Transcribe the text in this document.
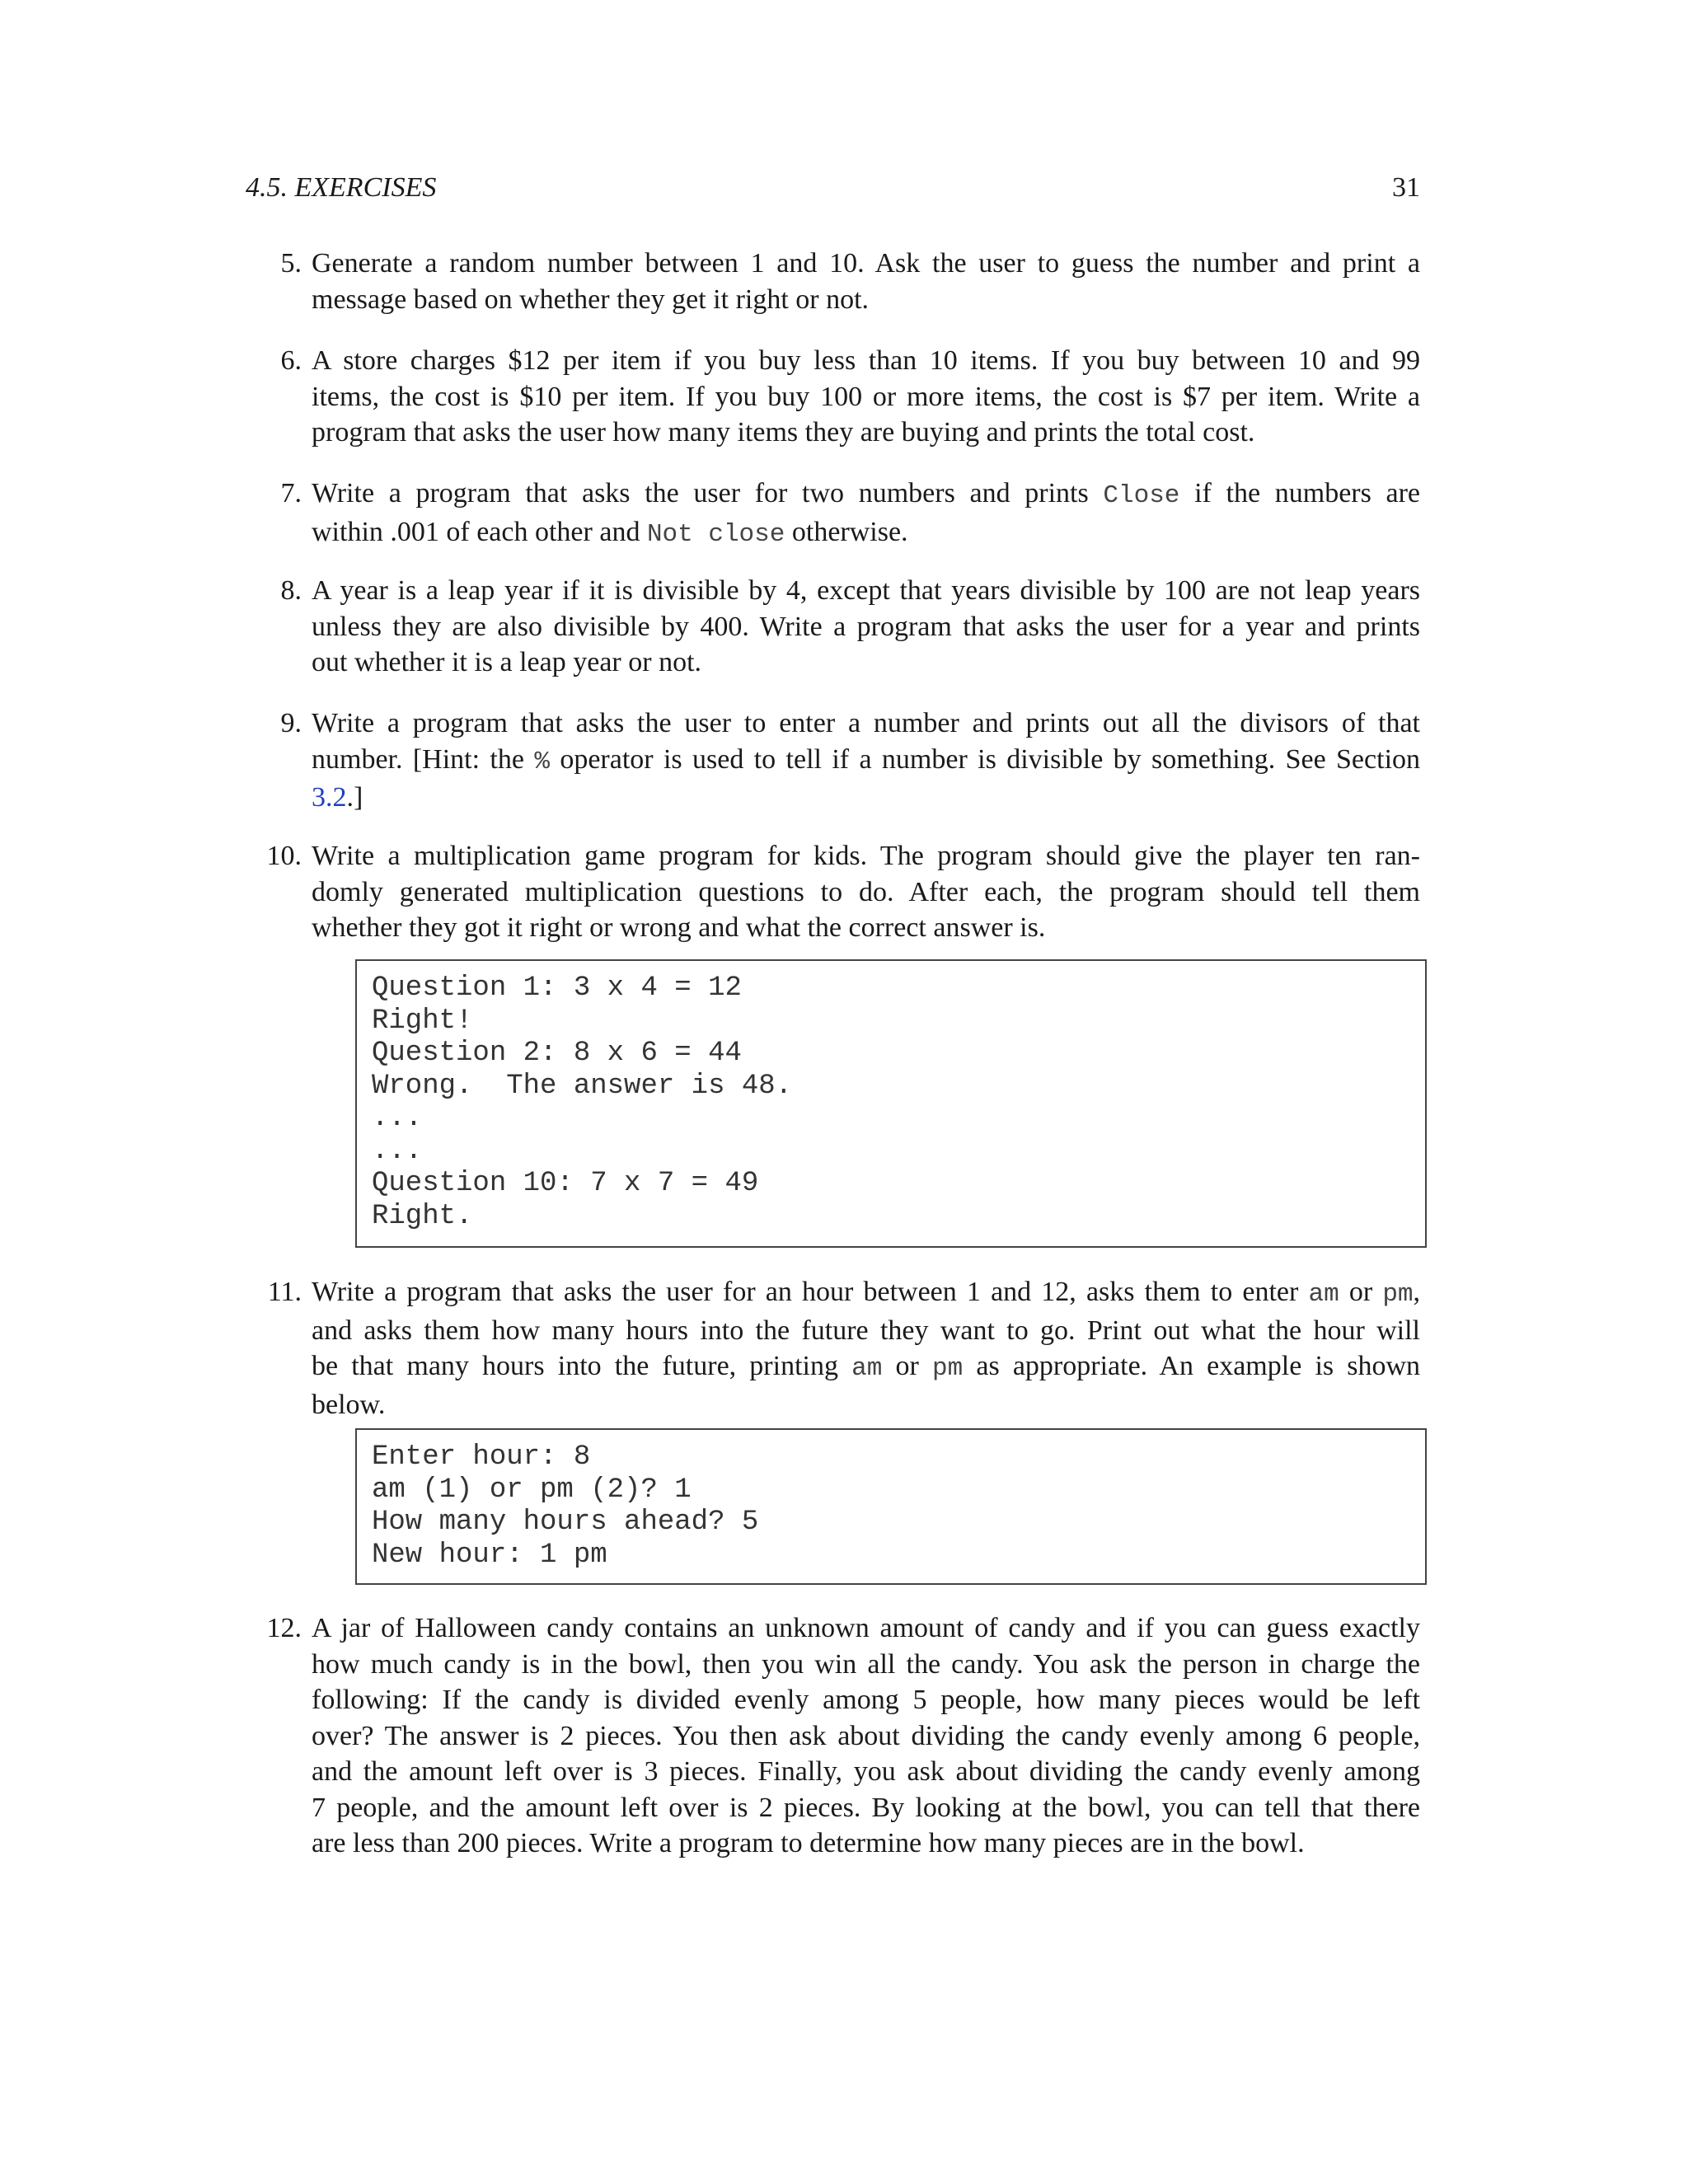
4.5. EXERCISES	31
5. Generate a random number between 1 and 10. Ask the user to guess the number and print a
message based on whether they get it right or not.
6. A store charges $12 per item if you buy less than 10 items. If you buy between 10 and 99
items, the cost is $10 per item. If you buy 100 or more items, the cost is $7 per item. Write a
program that asks the user how many items they are buying and prints the total cost.
7. Write a program that asks the user for two numbers and prints Close if the numbers are
within .001 of each other and Not close otherwise.
8. A year is a leap year if it is divisible by 4, except that years divisible by 100 are not leap years
unless they are also divisible by 400. Write a program that asks the user for a year and prints
out whether it is a leap year or not.
9. Write a program that asks the user to enter a number and prints out all the divisors of that
number. [Hint: the % operator is used to tell if a number is divisible by something. See Section
3.2.]
10. Write a multiplication game program for kids. The program should give the player ten ran-
domly generated multiplication questions to do. After each, the program should tell them
whether they got it right or wrong and what the correct answer is.
Question 1: 3 x 4 = 12
Right!
Question 2: 8 x 6 = 44
Wrong.  The answer is 48.
...
...
Question 10: 7 x 7 = 49
Right.
11. Write a program that asks the user for an hour between 1 and 12, asks them to enter am or pm,
and asks them how many hours into the future they want to go. Print out what the hour will
be that many hours into the future, printing am or pm as appropriate. An example is shown
below.
Enter hour: 8
am (1) or pm (2)? 1
How many hours ahead? 5
New hour: 1 pm
12. A jar of Halloween candy contains an unknown amount of candy and if you can guess exactly
how much candy is in the bowl, then you win all the candy. You ask the person in charge the
following: If the candy is divided evenly among 5 people, how many pieces would be left
over? The answer is 2 pieces. You then ask about dividing the candy evenly among 6 people,
and the amount left over is 3 pieces. Finally, you ask about dividing the candy evenly among
7 people, and the amount left over is 2 pieces. By looking at the bowl, you can tell that there
are less than 200 pieces. Write a program to determine how many pieces are in the bowl.
